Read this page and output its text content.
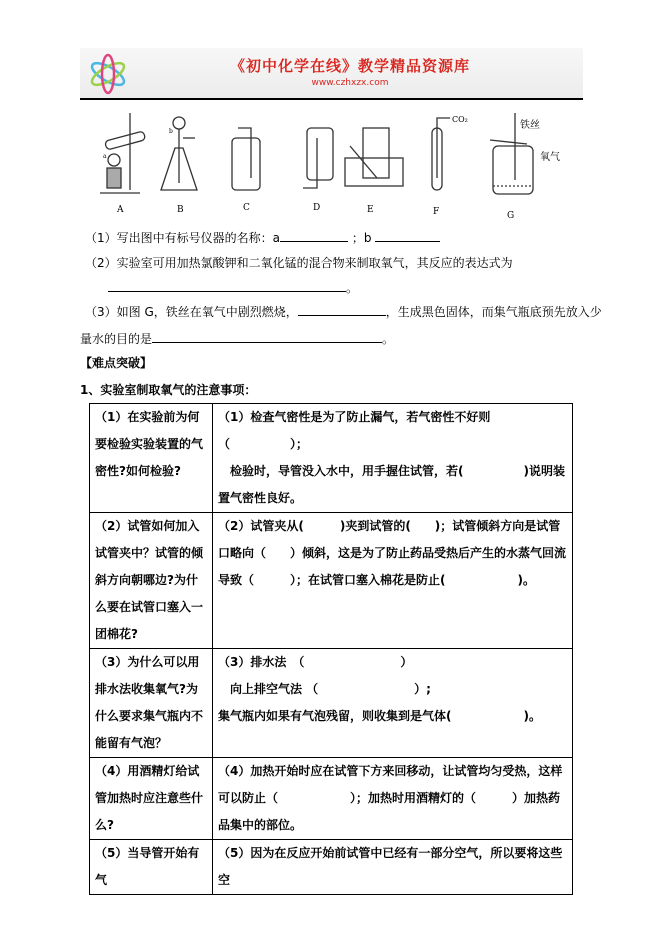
《初中化学在线》教学精品资源库
www.czhxzx.com
A	B	C	D	E	F	G
a
b
CO₂
铁丝
氧气
（1）写出图中有标号仪器的名称：a	；b
（2）实验室可用加热氯酸钾和二氧化锰的混合物来制取氧气，其反应的表达式为
。
（3）如图 G，铁丝在氧气中剧烈燃烧，	，生成黑色固体，而集气瓶底预先放入少
量水的目的是	。
【难点突破】
1、实验室制取氧气的注意事项：
（1）在实验前为何要检验实验装置的气密性?如何检验?	（1）检查气密性是为了防止漏气，若气密性不好则
（　　　　　）；
　检验时，导管没入水中，用手握住试管，若(　　　　　)说明装置气密性良好。

（2）试管如何加入试管夹中？试管的倾斜方向朝哪边?为什么要在试管口塞入一团棉花?	（2）试管夹从(　　　)夹到试管的(　　)；试管倾斜方向是试管口略向（　　）倾斜，这是为了防止药品受热后产生的水蒸气回流导致（　　　）；在试管口塞入棉花是防止(　　　　　　)。

（3）为什么可以用排水法收集氧气?为什么要求集气瓶内不能留有气泡？	（3）排水法　（　　　　　　　　）
　向上排空气法 （　　　　　　　　）;
集气瓶内如果有气泡残留，则收集到是气体(　　　　　　)。

（4）用酒精灯给试管加热时应注意些什么?	（4）加热开始时应在试管下方来回移动，让试管均匀受热，这样可以防止（　　　　　　）；加热时用酒精灯的（　　　）加热药品集中的部位。

（5）当导管开始有气	（5）因为在反应开始前试管中已经有一部分空气，所以要将这些空
